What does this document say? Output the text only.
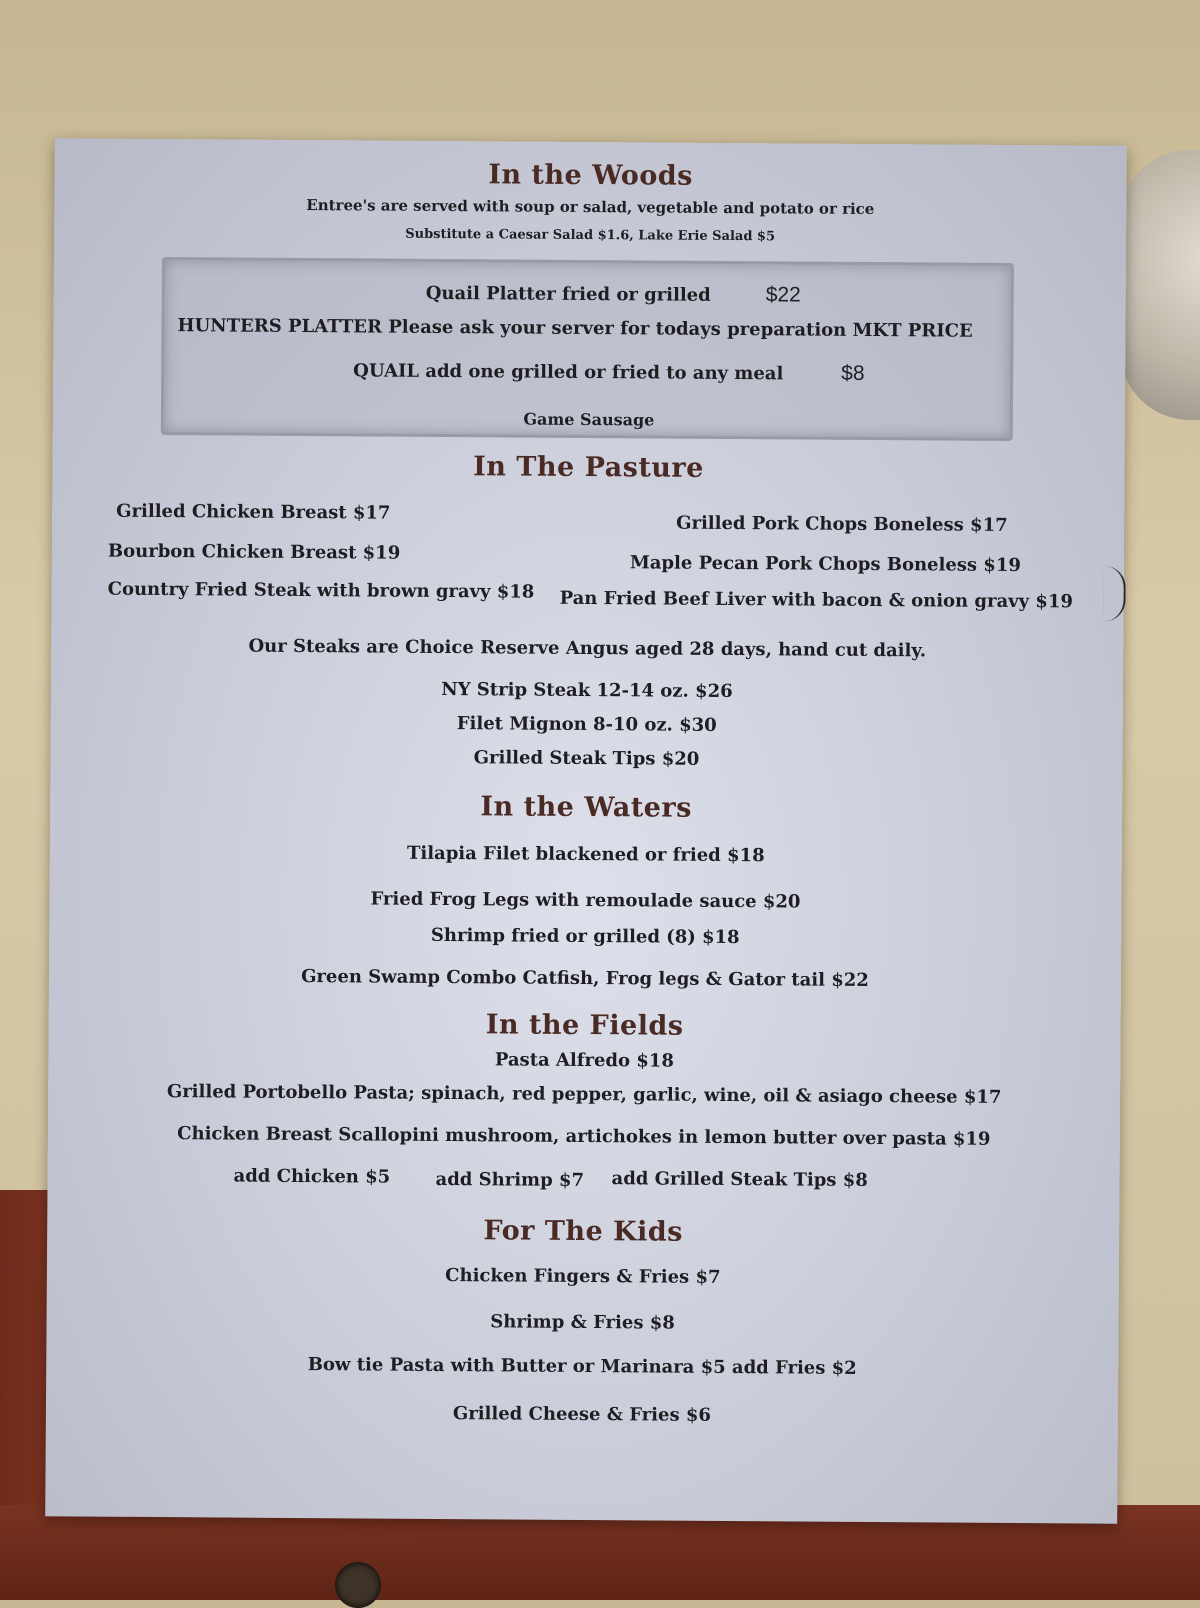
In the Woods
Entree's are served with soup or salad, vegetable and potato or rice
Substitute a Caesar Salad $1.6, Lake Erie Salad $5
Quail Platter fried or grilled	$22
HUNTERS PLATTER Please ask your server for todays preparation MKT PRICE
QUAIL add one grilled or fried to any meal	$8
Game Sausage
In The Pasture
Grilled Chicken Breast $17
Bourbon Chicken Breast $19
Country Fried Steak with brown gravy $18
Grilled Pork Chops Boneless $17
Maple Pecan Pork Chops Boneless $19
Pan Fried Beef Liver with bacon & onion gravy $19
Our Steaks are Choice Reserve Angus aged 28 days, hand cut daily.
NY Strip Steak 12-14 oz. $26
Filet Mignon 8-10 oz. $30
Grilled Steak Tips $20
In the Waters
Tilapia Filet blackened or fried $18
Fried Frog Legs with remoulade sauce $20
Shrimp fried or grilled (8) $18
Green Swamp Combo Catfish, Frog legs & Gator tail $22
In the Fields
Pasta Alfredo $18
Grilled Portobello Pasta; spinach, red pepper, garlic, wine, oil & asiago cheese $17
Chicken Breast Scallopini mushroom, artichokes in lemon butter over pasta $19
add Chicken $5	add Shrimp $7 add Grilled Steak Tips $8
For The Kids
Chicken Fingers & Fries $7
Shrimp & Fries $8
Bow tie Pasta with Butter or Marinara $5 add Fries $2
Grilled Cheese & Fries $6
